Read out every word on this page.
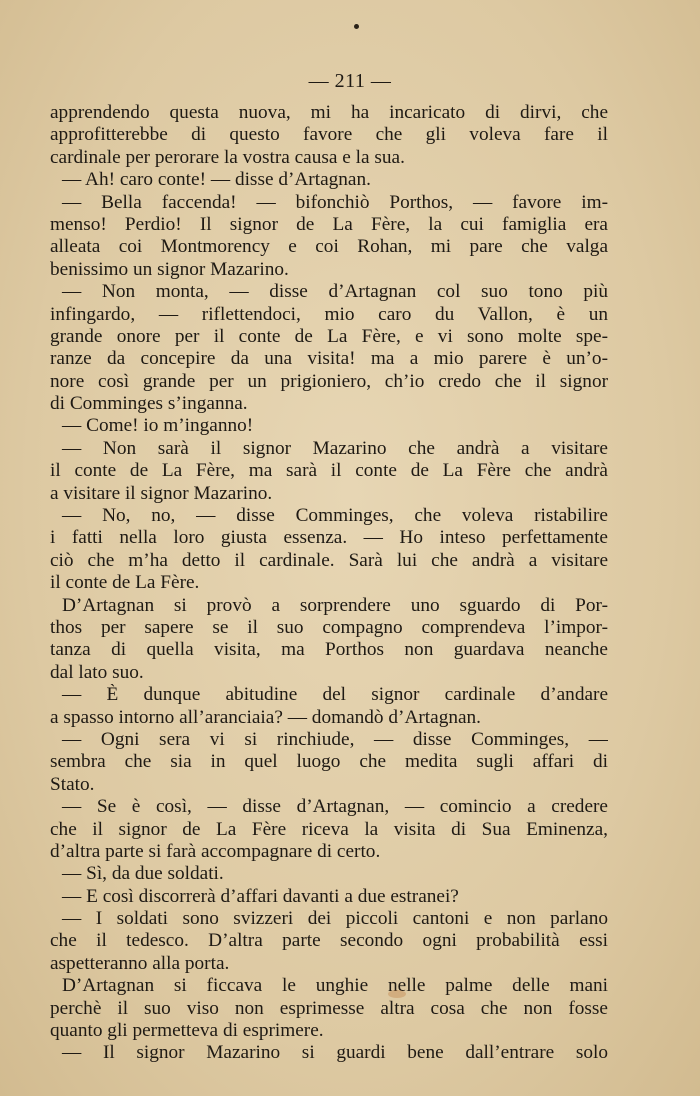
— 211 —
apprendendo questa nuova, mi ha incaricato di dirvi, che
approfitterebbe di questo favore che gli voleva fare il
cardinale per perorare la vostra causa e la sua.
— Ah! caro conte! — disse d’Artagnan.
— Bella faccenda! — bifonchiò Porthos, — favore im-
menso! Perdio! Il signor de La Fère, la cui famiglia era
alleata coi Montmorency e coi Rohan, mi pare che valga
benissimo un signor Mazarino.
— Non monta, — disse d’Artagnan col suo tono più
infingardo, — riflettendoci, mio caro du Vallon, è un
grande onore per il conte de La Fère, e vi sono molte spe-
ranze da concepire da una visita! ma a mio parere è un’o-
nore così grande per un prigioniero, ch’io credo che il signor
di Comminges s’inganna.
— Come! io m’inganno!
— Non sarà il signor Mazarino che andrà a visitare
il conte de La Fère, ma sarà il conte de La Fère che andrà
a visitare il signor Mazarino.
— No, no, — disse Comminges, che voleva ristabilire
i fatti nella loro giusta essenza. — Ho inteso perfettamente
ciò che m’ha detto il cardinale. Sarà lui che andrà a visitare
il conte de La Fère.
D’Artagnan si provò a sorprendere uno sguardo di Por-
thos per sapere se il suo compagno comprendeva l’impor-
tanza di quella visita, ma Porthos non guardava neanche
dal lato suo.
— È dunque abitudine del signor cardinale d’andare
a spasso intorno all’aranciaia? — domandò d’Artagnan.
— Ogni sera vi si rinchiude, — disse Comminges, —
sembra che sia in quel luogo che medita sugli affari di
Stato.
— Se è così, — disse d’Artagnan, — comincio a credere
che il signor de La Fère riceva la visita di Sua Eminenza,
d’altra parte si farà accompagnare di certo.
— Sì, da due soldati.
— E così discorrerà d’affari davanti a due estranei?
— I soldati sono svizzeri dei piccoli cantoni e non parlano
che il tedesco. D’altra parte secondo ogni probabilità essi
aspetteranno alla porta.
D’Artagnan si ficcava le unghie nelle palme delle mani
perchè il suo viso non esprimesse altra cosa che non fosse
quanto gli permetteva di esprimere.
— Il signor Mazarino si guardi bene dall’entrare solo
